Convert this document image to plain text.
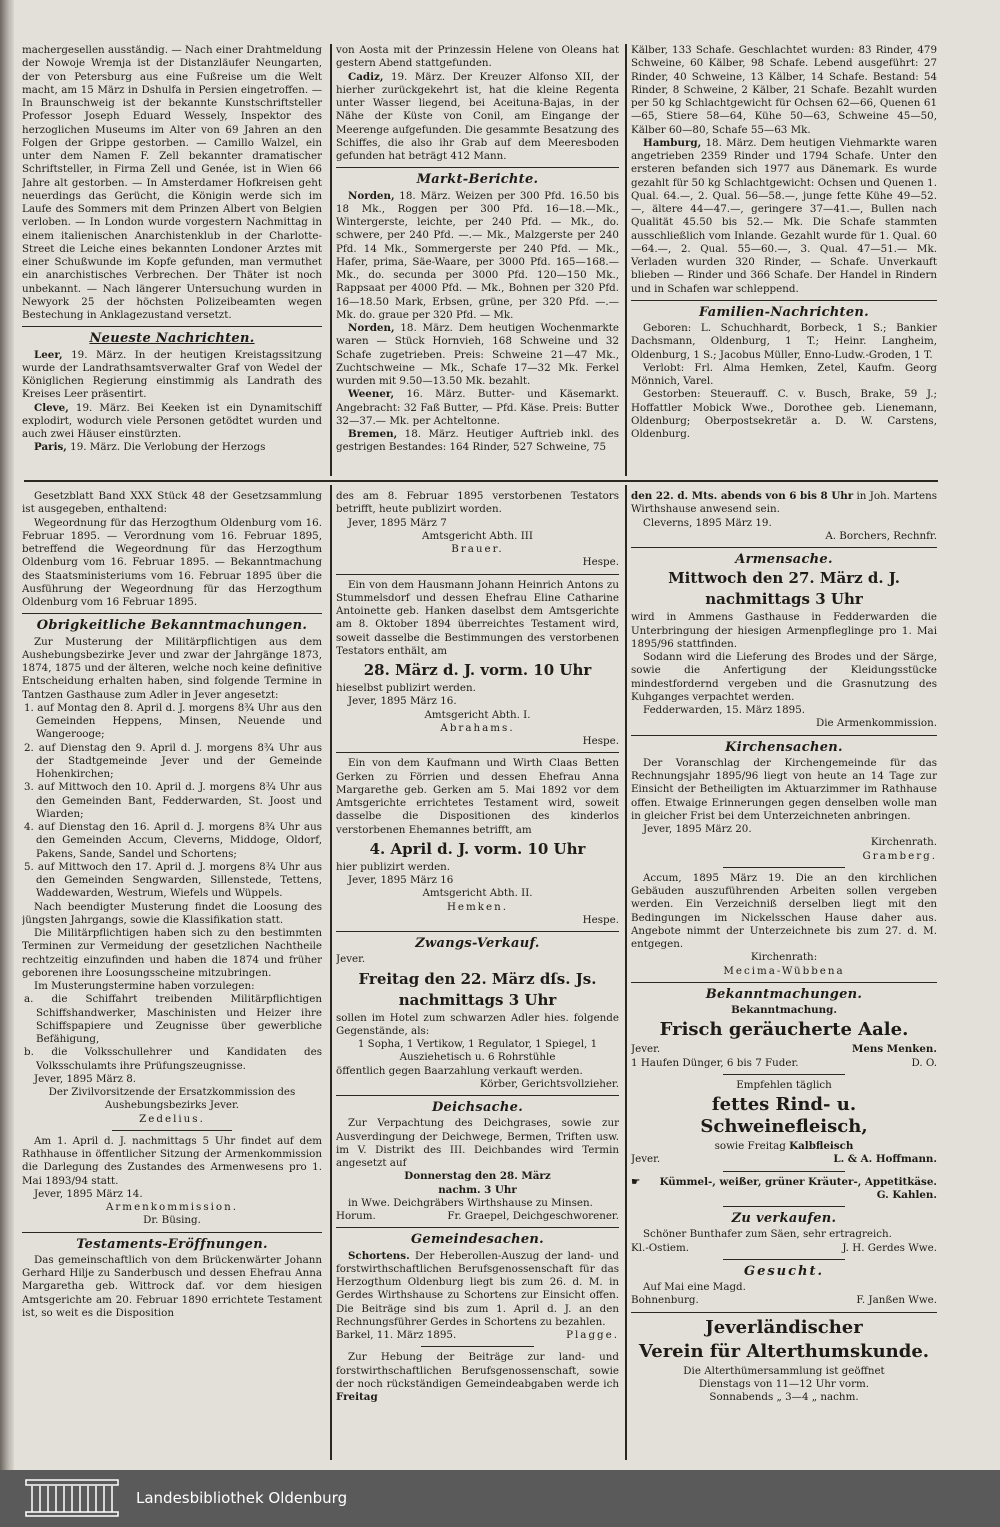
machergesellen ausständig. — Nach einer Drahtmeldung der Nowoje Wremja ist der Distanzläufer Neungarten, der von Petersburg aus eine Fußreise um die Welt macht, am 15 März in Dshulfa in Persien eingetroffen. — In Braunschweig ist der bekannte Kunstschriftsteller Professor Joseph Eduard Wessely, Inspektor des herzoglichen Museums im Alter von 69 Jahren an den Folgen der Grippe gestorben. — Camillo Walzel, ein unter dem Namen F. Zell bekannter dramatischer Schriftsteller, in Firma Zell und Genée, ist in Wien 66 Jahre alt gestorben. — In Amsterdamer Hofkreisen geht neuerdings das Gerücht, die Königin werde sich im Laufe des Sommers mit dem Prinzen Albert von Belgien verloben. — In London wurde vorgestern Nachmittag in einem italienischen Anarchistenklub in der Charlotte-Street die Leiche eines bekannten Londoner Arztes mit einer Schußwunde im Kopfe gefunden, man vermuthet ein anarchistisches Verbrechen. Der Thäter ist noch unbekannt. — Nach längerer Untersuchung wurden in Newyork 25 der höchsten Polizeibeamten wegen Bestechung in Anklagezustand versetzt.

Neueste Nachrichten.

Leer, 19. März. In der heutigen Kreistagssitzung wurde der Landrathsamtsverwalter Graf von Wedel der Königlichen Regierung einstimmig als Landrath des Kreises Leer präsentirt.

Cleve, 19. März. Bei Keeken ist ein Dynamitschiff explodirt, wodurch viele Personen getödtet wurden und auch zwei Häuser einstürzten.

Paris, 19. März. Die Verlobung der Herzogs

von Aosta mit der Prinzessin Helene von Oleans hat gestern Abend stattgefunden.

Cadiz, 19. März. Der Kreuzer Alfonso XII, der hierher zurückgekehrt ist, hat die kleine Regenta unter Wasser liegend, bei Aceituna-Bajas, in der Nähe der Küste von Conil, am Eingange der Meerenge aufgefunden. Die gesammte Besatzung des Schiffes, die also ihr Grab auf dem Meeresboden gefunden hat beträgt 412 Mann.

Markt-Berichte.

Norden, 18. März. Weizen per 300 Pfd. 16.50 bis 18 Mk., Roggen per 300 Pfd. 16—18.—Mk., Wintergerste, leichte, per 240 Pfd. — Mk., do. schwere, per 240 Pfd. —.— Mk., Malzgerste per 240 Pfd. 14 Mk., Sommergerste per 240 Pfd. — Mk., Hafer, prima, Säe-Waare, per 3000 Pfd. 165—168.— Mk., do. secunda per 3000 Pfd. 120—150 Mk., Rappsaat per 4000 Pfd. — Mk., Bohnen per 320 Pfd. 16—18.50 Mark, Erbsen, grüne, per 320 Pfd. —.— Mk. do. graue per 320 Pfd. — Mk.

Norden, 18. März. Dem heutigen Wochenmarkte waren — Stück Hornvieh, 168 Schweine und 32 Schafe zugetrieben. Preis: Schweine 21—47 Mk., Zuchtschweine — Mk., Schafe 17—32 Mk. Ferkel wurden mit 9.50—13.50 Mk. bezahlt.

Weener, 16. März. Butter- und Käsemarkt. Angebracht: 32 Faß Butter, — Pfd. Käse. Preis: Butter 32—37.— Mk. per Achteltonne.

Bremen, 18. März. Heutiger Auftrieb inkl. des gestrigen Bestandes: 164 Rinder, 527 Schweine, 75

Kälber, 133 Schafe. Geschlachtet wurden: 83 Rinder, 479 Schweine, 60 Kälber, 98 Schafe. Lebend ausgeführt: 27 Rinder, 40 Schweine, 13 Kälber, 14 Schafe. Bestand: 54 Rinder, 8 Schweine, 2 Kälber, 21 Schafe. Bezahlt wurden per 50 kg Schlachtgewicht für Ochsen 62—66, Quenen 61—65, Stiere 58—64, Kühe 50—63, Schweine 45—50, Kälber 60—80, Schafe 55—63 Mk.

Hamburg, 18. März. Dem heutigen Viehmarkte waren angetrieben 2359 Rinder und 1794 Schafe. Unter den ersteren befanden sich 1977 aus Dänemark. Es wurde gezahlt für 50 kg Schlachtgewicht: Ochsen und Quenen 1. Qual. 64.—, 2. Qual. 56—58.—, junge fette Kühe 49—52.—, ältere 44—47.—, geringere 37—41.—, Bullen nach Qualität 45.50 bis 52.— Mk. Die Schafe stammten ausschließlich vom Inlande. Gezahlt wurde für 1. Qual. 60—64.—, 2. Qual. 55—60.—, 3. Qual. 47—51.— Mk. Verladen wurden 320 Rinder, — Schafe. Unverkauft blieben — Rinder und 366 Schafe. Der Handel in Rindern und in Schafen war schleppend.

Familien-Nachrichten.

Geboren: L. Schuchhardt, Borbeck, 1 S.; Bankier Dachsmann, Oldenburg, 1 T.; Heinr. Langheim, Oldenburg, 1 S.; Jacobus Müller, Enno-Ludw.-Groden, 1 T.

Verlobt: Frl. Alma Hemken, Zetel, Kaufm. Georg Mönnich, Varel.

Gestorben: Steuerauff. C. v. Busch, Brake, 59 J.; Hoffattler Mobick Wwe., Dorothee geb. Lienemann, Oldenburg; Oberpostsekretär a. D. W. Carstens, Oldenburg.

Gesetzblatt Band XXX Stück 48 der Gesetzsammlung ist ausgegeben, enthaltend:

Wegeordnung für das Herzogthum Oldenburg vom 16. Februar 1895. — Verordnung vom 16. Februar 1895, betreffend die Wegeordnung für das Herzogthum Oldenburg vom 16. Februar 1895. — Bekanntmachung des Staatsministeriums vom 16. Februar 1895 über die Ausführung der Wegeordnung für das Herzogthum Oldenburg vom 16 Februar 1895.

Obrigkeitliche Bekanntmachungen.

Zur Musterung der Militärpflichtigen aus dem Aushebungsbezirke Jever und zwar der Jahrgänge 1873, 1874, 1875 und der älteren, welche noch keine definitive Entscheidung erhalten haben, sind folgende Termine in Tantzen Gasthause zum Adler in Jever angesetzt:

1. auf Montag den 8. April d. J. morgens 8¾ Uhr aus den Gemeinden Heppens, Minsen, Neuende und Wangerooge;

2. auf Dienstag den 9. April d. J. morgens 8¾ Uhr aus der Stadtgemeinde Jever und der Gemeinde Hohenkirchen;

3. auf Mittwoch den 10. April d. J. morgens 8¾ Uhr aus den Gemeinden Bant, Fedderwarden, St. Joost und Wiarden;

4. auf Dienstag den 16. April d. J. morgens 8¾ Uhr aus den Gemeinden Accum, Cleverns, Middoge, Oldorf, Pakens, Sande, Sandel und Schortens;

5. auf Mittwoch den 17. April d. J. morgens 8¾ Uhr aus den Gemeinden Sengwarden, Sillenstede, Tettens, Waddewarden, Westrum, Wiefels und Wüppels.

Nach beendigter Musterung findet die Loosung des jüngsten Jahrgangs, sowie die Klassifikation statt.

Die Militärpflichtigen haben sich zu den bestimmten Terminen zur Vermeidung der gesetzlichen Nachtheile rechtzeitig einzufinden und haben die 1874 und früher geborenen ihre Loosungsscheine mitzubringen.

Im Musterungstermine haben vorzulegen:

a. die Schiffahrt treibenden Militärpflichtigen Schiffshandwerker, Maschinisten und Heizer ihre Schiffspapiere und Zeugnisse über gewerbliche Befähigung,

b. die Volksschullehrer und Kandidaten des Volksschulamts ihre Prüfungszeugnisse.

Jever, 1895 März 8.

Der Zivilvorsitzende der Ersatzkommission des Aushebungsbezirks Jever.

Zedelius.

Am 1. April d. J. nachmittags 5 Uhr findet auf dem Rathhause in öffentlicher Sitzung der Armenkommission die Darlegung des Zustandes des Armenwesens pro 1. Mai 1893/94 statt.

Jever, 1895 März 14.

Armenkommission.

Dr. Büsing.

Testaments-Eröffnungen.

Das gemeinschaftlich von dem Brückenwärter Johann Gerhard Hilje zu Sanderbusch und dessen Ehefrau Anna Margaretha geb. Wittrock daf. vor dem hiesigen Amtsgerichte am 20. Februar 1890 errichtete Testament ist, so weit es die Disposition

des am 8. Februar 1895 verstorbenen Testators betrifft, heute publizirt worden.

Jever, 1895 März 7

Amtsgericht Abth. III

Brauer.

Hespe.

Ein von dem Hausmann Johann Heinrich Antons zu Stummelsdorf und dessen Ehefrau Eline Catharine Antoinette geb. Hanken daselbst dem Amtsgerichte am 8. Oktober 1894 überreichtes Testament wird, soweit dasselbe die Bestimmungen des verstorbenen Testators enthält, am

28. März d. J. vorm. 10 Uhr

hieselbst publizirt werden.

Jever, 1895 März 16.

Amtsgericht Abth. I.

Abrahams.

Hespe.

Ein von dem Kaufmann und Wirth Claas Betten Gerken zu Förrien und dessen Ehefrau Anna Margarethe geb. Gerken am 5. Mai 1892 vor dem Amtsgerichte errichtetes Testament wird, soweit dasselbe die Dispositionen des kinderlos verstorbenen Ehemannes betrifft, am

4. April d. J. vorm. 10 Uhr

hier publizirt werden.

Jever, 1895 März 16

Amtsgericht Abth. II.

Hemken.

Hespe.

Zwangs-Verkauf.

Jever.

Freitag den 22. März dſs. Js.
nachmittags 3 Uhr

sollen im Hotel zum schwarzen Adler hies. folgende Gegenstände, als:

1 Sopha, 1 Vertikow, 1 Regulator, 1 Spiegel, 1 Ausziehetisch u. 6 Rohrstühle

öffentlich gegen Baarzahlung verkauft werden.

Körber, Gerichtsvollzieher.

Deichsache.

Zur Verpachtung des Deichgrases, sowie zur Ausverdingung der Deichwege, Bermen, Triften usw. im V. Distrikt des III. Deichbandes wird Termin angesetzt auf

Donnerstag den 28. März

nachm. 3 Uhr

in Wwe. Deichgräbers Wirthshause zu Minsen.

Horum.	Fr. Graepel, Deichgeschworener.
Gemeindesachen.

Schortens. Der Heberollen-Auszug der land- und forstwirthschaftlichen Berufsgenossenschaft für das Herzogthum Oldenburg liegt bis zum 26. d. M. in Gerdes Wirthshause zu Schortens zur Einsicht offen. Die Beiträge sind bis zum 1. April d. J. an den Rechnungsführer Gerdes in Schortens zu bezahlen.

Barkel, 11. März 1895.	Plagge.

Zur Hebung der Beiträge zur land- und forstwirthschaftlichen Berufsgenossenschaft, sowie der noch rückständigen Gemeindeabgaben werde ich Freitag

den 22. d. Mts. abends von 6 bis 8 Uhr in Joh. Martens Wirthshause anwesend sein.

Cleverns, 1895 März 19.

A. Borchers, Rechnfr.

Armensache.
Mittwoch den 27. März d. J.
nachmittags 3 Uhr

wird in Ammens Gasthause in Fedderwarden die Unterbringung der hiesigen Armenpfleglinge pro 1. Mai 1895/96 stattfinden.

Sodann wird die Lieferung des Brodes und der Särge, sowie die Anfertigung der Kleidungsstücke mindestfordernd vergeben und die Grasnutzung des Kuhganges verpachtet werden.

Fedderwarden, 15. März 1895.

Die Armenkommission.

Kirchensachen.

Der Voranschlag der Kirchengemeinde für das Rechnungsjahr 1895/96 liegt von heute an 14 Tage zur Einsicht der Betheiligten im Aktuarzimmer im Rathhause offen. Etwaige Erinnerungen gegen denselben wolle man in gleicher Frist bei dem Unterzeichneten anbringen.

Jever, 1895 März 20.

Kirchenrath.

Gramberg.

Accum, 1895 März 19. Die an den kirchlichen Gebäuden auszuführenden Arbeiten sollen vergeben werden. Ein Verzeichniß derselben liegt mit den Bedingungen im Nickelsschen Hause daher aus. Angebote nimmt der Unterzeichnete bis zum 27. d. M. entgegen.

Kirchenrath:

Mecima-Wübbena

Bekanntmachungen.

Bekanntmachung.

Frisch geräucherte Aale.
Jever.	Mens Menken.
1 Haufen Dünger, 6 bis 7 Fuder.	D. O.

Empfehlen täglich

fettes Rind- u. Schweinefleisch,

sowie Freitag Kalbfleisch

Jever.	L. & A. Hoffmann.
☛ Kümmel-, weißer, grüner Kräuter-, Appetitkäse.

G. Kahlen.

Zu verkaufen.

Schöner Bunthafer zum Säen, sehr ertragreich.

Kl.-Ostiem.	J. H. Gerdes Wwe.
Gesucht.

Auf Mai eine Magd.

Bohnenburg.	F. Janßen Wwe.
Jeverländischer
Verein für Alterthumskunde.

Die Alterthümersammlung ist geöffnet

Dienstags von 11—12 Uhr vorm.

Sonnabends „ 3—4 „ nachm.

Landesbibliothek Oldenburg
